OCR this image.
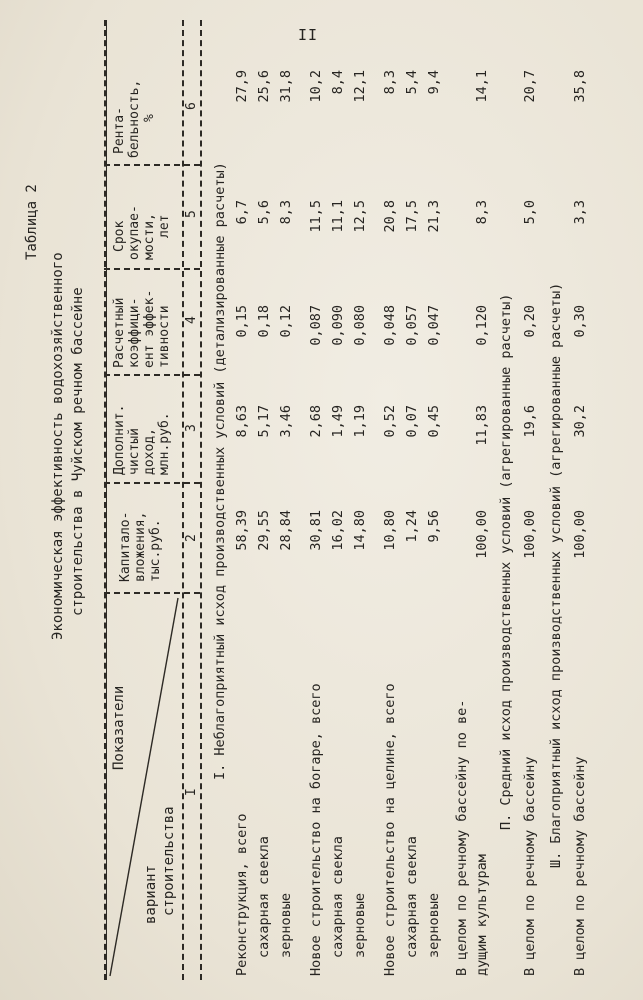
II
Таблица 2
Экономическая эффективность водохозяйственного строительства в Чуйском речном бассейне
Показатели
вариант строительства
I
Капитало- вложения, тыс.руб. 2
Дополнит. чистый доход, млн.руб. 3
Расчетный коэффици- ент эффек- тивности 4
Срок окупае- мости, лет
5
Рента- бельность, %
6
I. Неблагоприятный исход производственных условий (детализированные расчеты)
Реконструкция, всего
58,39
8,63
0,15
6,7
27,9
сахарная свекла
29,55
5,17
0,18
5,6
25,6
зерновые
28,84
3,46
0,12
8,3
31,8
Новое строительство на богаре, всего
30,81
2,68
0,087
11,5
10,2
сахарная свекла
16,02
1,49
0,090
11,1
8,4
зерновые
14,80
1,19
0,080
12,5
12,1
Новое строительство на целине, всего
10,80
0,52
0,048
20,8
8,3
сахарная свекла
1,24
0,07
0,057
17,5
5,4
зерновые
9,56
0,45
0,047
21,3
9,4
В целом по речному бассейну по ве- дущим культурам
100,00
11,83
0,120
8,3
14,1
П. Средний исход производственных условий (агрегированные расчеты)
В целом по речному бассейну
100,00
19,6
0,20
5,0
20,7
Ш. Благоприятный исход производственных условий (агрегированные расчеты) В целом по речному бассейну
100,00
30,2
0,30
3,3
35,8
